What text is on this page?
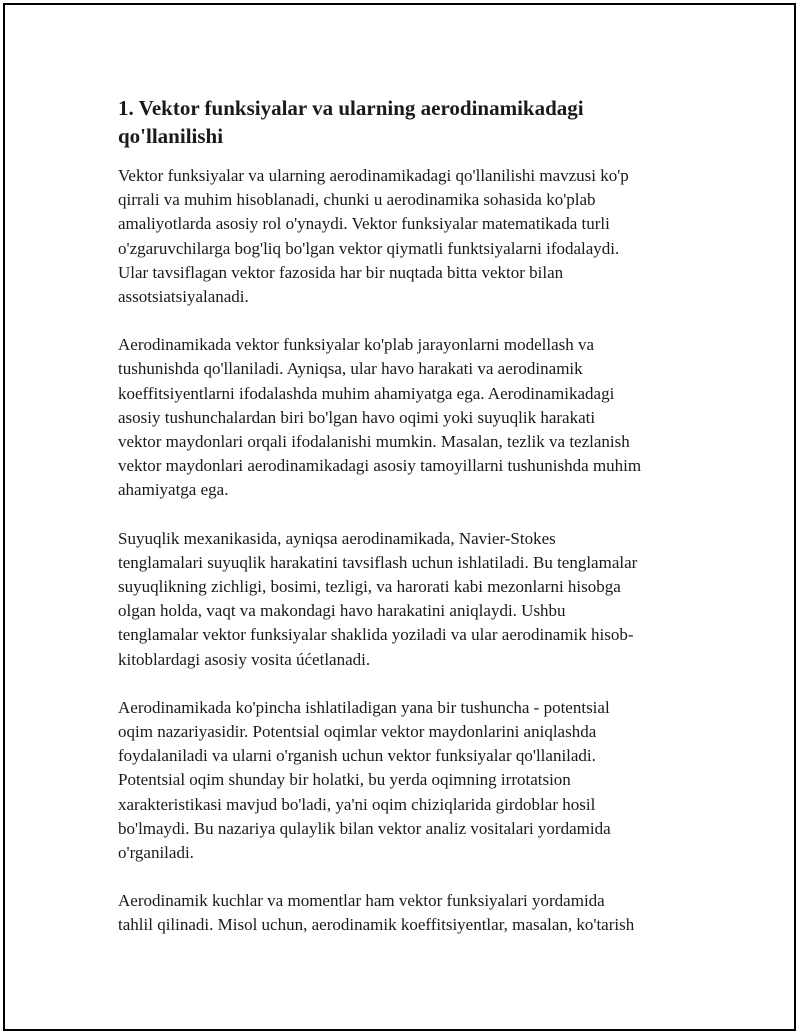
1. Vektor funksiyalar va ularning aerodinamikadagi
qo'llanilishi
Vektor funksiyalar va ularning aerodinamikadagi qo'llanilishi mavzusi ko'p
qirrali va muhim hisoblanadi, chunki u aerodinamika sohasida ko'plab
amaliyotlarda asosiy rol o'ynaydi. Vektor funksiyalar matematikada turli
o'zgaruvchilarga bog'liq bo'lgan vektor qiymatli funktsiyalarni ifodalaydi.
Ular tavsiflagan vektor fazosida har bir nuqtada bitta vektor bilan
assotsiatsiyalanadi.
Aerodinamikada vektor funksiyalar ko'plab jarayonlarni modellash va
tushunishda qo'llaniladi. Ayniqsa, ular havo harakati va aerodinamik
koeffitsiyentlarni ifodalashda muhim ahamiyatga ega. Aerodinamikadagi
asosiy tushunchalardan biri bo'lgan havo oqimi yoki suyuqlik harakati
vektor maydonlari orqali ifodalanishi mumkin. Masalan, tezlik va tezlanish
vektor maydonlari aerodinamikadagi asosiy tamoyillarni tushunishda muhim
ahamiyatga ega.
Suyuqlik mexanikasida, ayniqsa aerodinamikada, Navier-Stokes
tenglamalari suyuqlik harakatini tavsiflash uchun ishlatiladi. Bu tenglamalar
suyuqlikning zichligi, bosimi, tezligi, va harorati kabi mezonlarni hisobga
olgan holda, vaqt va makondagi havo harakatini aniqlaydi. Ushbu
tenglamalar vektor funksiyalar shaklida yoziladi va ular aerodinamik hisob-
kitoblardagi asosiy vosita úćetlanadi.
Aerodinamikada ko'pincha ishlatiladigan yana bir tushuncha - potentsial
oqim nazariyasidir. Potentsial oqimlar vektor maydonlarini aniqlashda
foydalaniladi va ularni o'rganish uchun vektor funksiyalar qo'llaniladi.
Potentsial oqim shunday bir holatki, bu yerda oqimning irrotatsion
xarakteristikasi mavjud bo'ladi, ya'ni oqim chiziqlarida girdoblar hosil
bo'lmaydi. Bu nazariya qulaylik bilan vektor analiz vositalari yordamida
o'rganiladi.
Aerodinamik kuchlar va momentlar ham vektor funksiyalari yordamida
tahlil qilinadi. Misol uchun, aerodinamik koeffitsiyentlar, masalan, ko'tarish
